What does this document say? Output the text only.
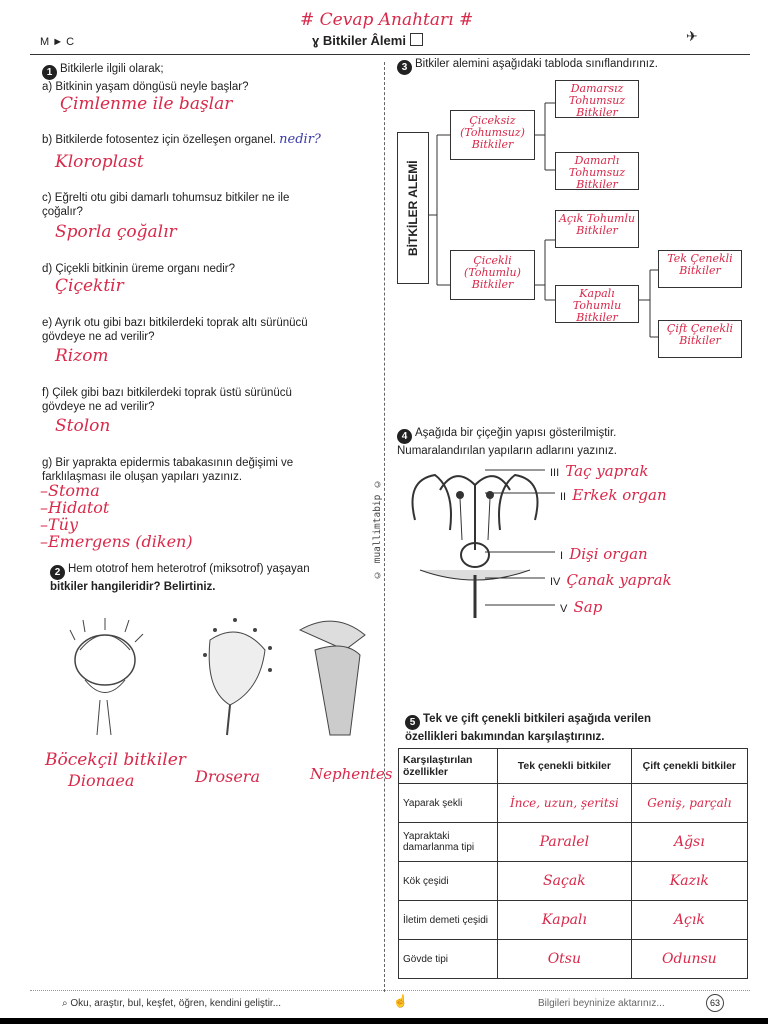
# Cevap Anahtarı #
M ► C	ɣ Bitkiler Âlemi	✈
© muallimtabip ©
1 Bitkilerle ilgili olarak;
a) Bitkinin yaşam döngüsü neyle başlar?
Çimlenme ile başlar
b) Bitkilerde fotosentez için özelleşen organel. nedir?
Kloroplast
c) Eğrelti otu gibi damarlı tohumsuz bitkiler ne ile
çoğalır?
Sporla çoğalır
d) Çiçekli bitkinin üreme organı nedir?
Çiçektir
e) Ayrık otu gibi bazı bitkilerdeki toprak altı sürünücü
gövdeye ne ad verilir?
Rizom
f) Çilek gibi bazı bitkilerdeki toprak üstü sürünücü
gövdeye ne ad verilir?
Stolon
g) Bir yaprakta epidermis tabakasının değişimi ve
farklılaşması ile oluşan yapıları yazınız.
–Stoma
–Hidatot
–Tüy
–Emergens (diken)
2 Hem ototrof hem heterotrof (miksotrof) yaşayan
bitkiler hangileridir? Belirtiniz.
Böcekçil bitkiler
Dionaea	Drosera	Nephentes
3 Bitkiler alemini aşağıdaki tabloda sınıflandırınız.
BİTKİLER ALEMİ
Çiceksiz (Tohumsuz) Bitkiler
Damarsız Tohumsuz Bitkiler
Damarlı Tohumsuz Bitkiler
Çicekli (Tohumlu) Bitkiler
Açık Tohumlu Bitkiler
Kapalı Tohumlu Bitkiler
Tek Çenekli Bitkiler
Çift Çenekli Bitkiler
4 Aşağıda bir çiçeğin yapısı gösterilmiştir.
Numaralandırılan yapıların adlarını yazınız.
III Taç yaprak
II Erkek organ
I Dişi organ
IV Çanak yaprak
V Sap
5 Tek ve çift çenekli bitkileri aşağıda verilen
özellikleri bakımından karşılaştırınız.
Karşılaştırılan özellikler	Tek çenekli bitkiler	Çift çenekli bitkiler
Yaparak şekli	İnce, uzun, şeritsi	Geniş, parçalı
Yapraktaki damarlanma tipi	Paralel	Ağsı
Kök çeşidi	Saçak	Kazık
İletim demeti çeşidi	Kapalı	Açık
Gövde tipi	Otsu	Odunsu
⌕ Oku, araştır, bul, keşfet, öğren, kendini geliştir...	☝	Bilgileri beyninize aktarınız...	63
